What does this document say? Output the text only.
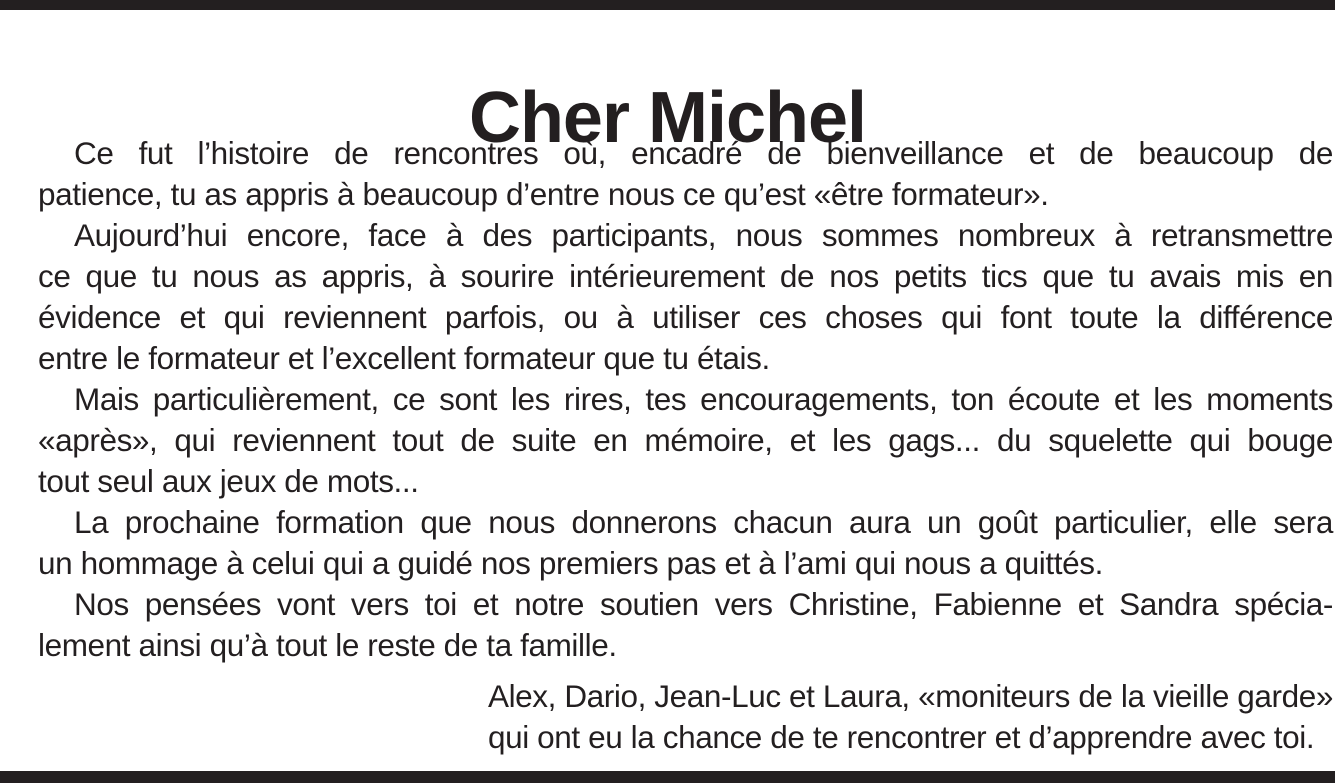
Cher Michel

Ce fut l’histoire de rencontres où, encadré de bienveillance et de beaucoup de
patience, tu as appris à beaucoup d’entre nous ce qu’est «être formateur».

Aujourd’hui encore, face à des participants, nous sommes nombreux à retransmettre
ce que tu nous as appris, à sourire intérieurement de nos petits tics que tu avais mis en
évidence et qui reviennent parfois, ou à utiliser ces choses qui font toute la différence
entre le formateur et l’excellent formateur que tu étais.

Mais particulièrement, ce sont les rires, tes encouragements, ton écoute et les moments
«après», qui reviennent tout de suite en mémoire, et les gags... du squelette qui bouge
tout seul aux jeux de mots...

La prochaine formation que nous donnerons chacun aura un goût particulier, elle sera
un hommage à celui qui a guidé nos premiers pas et à l’ami qui nous a quittés.

Nos pensées vont vers toi et notre soutien vers Christine, Fabienne et Sandra spécia-
lement ainsi qu’à tout le reste de ta famille.

Alex, Dario, Jean-Luc et Laura, «moniteurs de la vieille garde»
qui ont eu la chance de te rencontrer et d’apprendre avec toi.
